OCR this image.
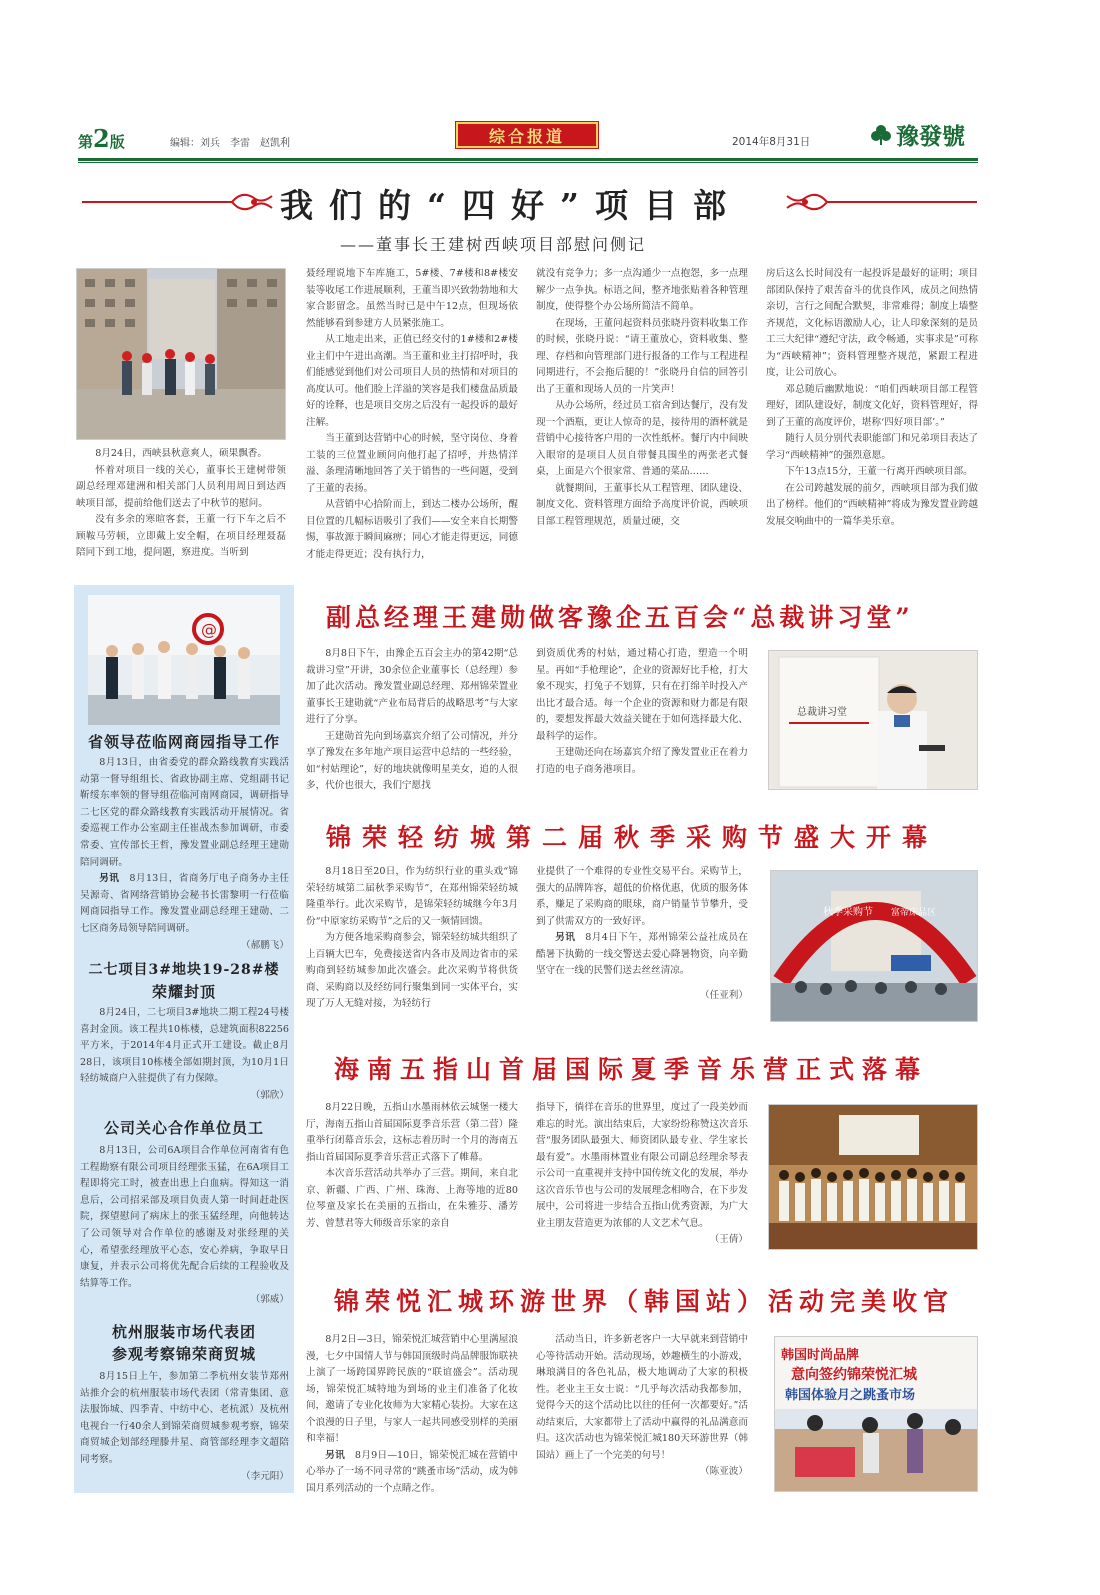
第2版	编辑：刘兵　李雷　赵凯利	综合报道	2014年8月31日	豫發號
我们的“四好”项目部
——董事长王建树西峡项目部慰问侧记

8月24日，西峡县秋意爽人，硕果飘香。

怀着对项目一线的关心，董事长王建树带领副总经理邓建洲和相关部门人员利用周日到达西峡项目部，提前给他们送去了中秋节的慰问。

没有多余的寒暄客套，王董一行下车之后不顾鞍马劳顿，立即戴上安全帽，在项目经理聂磊陪同下到工地，提问题，察进度。当听到

聂经理说地下车库施工，5#楼、7#楼和8#楼安装等收尾工作进展顺利，王董当即兴致勃勃地和大家合影留念。虽然当时已是中午12点，但现场依然能够看到参建方人员紧张施工。

从工地走出来，正值已经交付的1#楼和2#楼业主们中午进出高潮。当王董和业主打招呼时，我们能感觉到他们对公司项目人员的热情和对项目的高度认可。他们脸上洋溢的笑容是我们楼盘品质最好的诠释，也是项目交房之后没有一起投诉的最好注解。

当王董到达营销中心的时候，坚守岗位、身着工装的三位置业顾问向他打起了招呼，并热情洋溢、条理清晰地回答了关于销售的一些问题，受到了王董的表扬。

从营销中心拾阶而上，到达二楼办公场所，醒目位置的几幅标语吸引了我们——安全来自长期警惕，事故源于瞬间麻痹；同心才能走得更远，同德才能走得更近；没有执行力，

就没有竞争力；多一点沟通少一点抱怨，多一点理解少一点争执。标语之间，整齐地张贴着各种管理制度，使得整个办公场所简洁不简单。

在现场，王董问起资料员张晓丹资料收集工作的时候，张晓丹说：“请王董放心，资料收集、整理、存档和向管理部门进行报备的工作与工程进程同期进行，不会拖后腿的！”张晓丹自信的回答引出了王董和现场人员的一片笑声！

从办公场所，经过员工宿舍到达餐厅，没有发现一个酒瓶，更让人惊奇的是，接待用的酒杯就是营销中心接待客户用的一次性纸杯。餐厅内中间映入眼帘的是项目人员自带餐具围坐的两张老式餐桌，上面是六个很家常、普通的菜品……

就餐期间，王董事长从工程管理、团队建设、制度文化、资料管理方面给予高度评价说，西峡项目部工程管理规范，质量过硬，交

房后这么长时间没有一起投诉是最好的证明；项目部团队保持了艰苦奋斗的优良作风，成员之间热情亲切，言行之间配合默契，非常难得；制度上墙整齐规范，文化标语激励人心，让人印象深刻的是员工三大纪律“遵纪守法，政令畅通，实事求是”可称为“西峡精神”；资料管理整齐规范，紧跟工程进度，让公司放心。

邓总随后幽默地说：“咱们西峡项目部工程管理好，团队建设好，制度文化好，资料管理好，得到了王董的高度评价，堪称‘四好项目部’。”

随行人员分别代表职能部门和兄弟项目表达了学习“西峡精神”的强烈意愿。

下午13点15分，王董一行离开西峡项目部。

在公司跨越发展的前夕，西峡项目部为我们做出了榜样。他们的“西峡精神”将成为豫发置业跨越发展交响曲中的一篇华美乐章。

@
省领导莅临网商园指导工作

8月13日，由省委党的群众路线教育实践活动第一督导组组长、省政协副主席、党组副书记靳绥东率领的督导组莅临河南网商园，调研指导二七区党的群众路线教育实践活动开展情况。省委巡视工作办公室副主任崔战杰参加调研，市委常委、宣传部长王哲，豫发置业副总经理王建勋陪同调研。

另讯　 8月13日，省商务厅电子商务办主任吴源奇、省网络营销协会秘书长雷黎明一行莅临网商园指导工作。豫发置业副总经理王建勋、二七区商务局领导陪同调研。

（郝鹏飞）
二七项目3#地块19-28#楼
荣耀封顶

8月24日，二七项目3#地块二期工程24号楼喜封金顶。该工程共10栋楼，总建筑面积82256平方米，于2014年4月正式开工建设。截止8月28日，该项目10栋楼全部如期封顶，为10月1日轻纺城商户入驻提供了有力保障。

（郭欣）
公司关心合作单位员工

8月13日，公司6A项目合作单位河南省有色工程勘察有限公司项目经理张玉猛，在6A项目工程即将完工时，被查出患上白血病。得知这一消息后，公司招采部及项目负责人第一时间赶赴医院，探望慰问了病床上的张玉猛经理，向他转达了公司领导对合作单位的感谢及对张经理的关心，希望张经理放平心态，安心养病，争取早日康复，并表示公司将优先配合后续的工程验收及结算等工作。

（郭威）
杭州服装市场代表团
参观考察锦荣商贸城

8月15日上午，参加第二季杭州女装节郑州站推介会的杭州服装市场代表团（常青集团、意法服饰城、四季青、中纺中心、老杭派）及杭州电视台一行40余人到锦荣商贸城参观考察，锦荣商贸城企划部经理滕井星、商管部经理李文超陪同考察。

（李元阳）
副总经理王建勋做客豫企五百会“总裁讲习堂”

8月8日下午，由豫企五百会主办的第42期“总裁讲习堂”开讲，30余位企业董事长（总经理）参加了此次活动。豫发置业副总经理、郑州锦荣置业董事长王建勋就“产业布局背后的战略思考”与大家进行了分享。

王建勋首先向到场嘉宾介绍了公司情况，并分享了豫发在多年地产项目运营中总结的一些经验，如“村姑理论”，好的地块就像明星美女，追的人很多，代价也很大，我们宁愿找

到资质优秀的村姑，通过精心打造，塑造一个明星。再如“手枪理论”，企业的资源好比手枪，打大象不现实，打兔子不划算，只有在打绵羊时投入产出比才最合适。每一个企业的资源和财力都是有限的，要想发挥最大效益关键在于如何选择最大化、最科学的运作。

王建勋还向在场嘉宾介绍了豫发置业正在着力打造的电子商务港项目。

总裁讲习堂
锦荣轻纺城第二届秋季采购节盛大开幕

8月18日至20日，作为纺织行业的重头戏“锦荣轻纺城第二届秋季采购节”，在郑州锦荣轻纺城隆重举行。此次采购节，是锦荣轻纺城继今年3月份“中原家纺采购节”之后的又一频情回馈。

为方便各地采购商参会，锦荣轻纺城共组织了上百辆大巴车，免费接送省内各市及周边省市的采购商到轻纺城参加此次盛会。此次采购节将供货商、采购商以及经纺同行聚集到同一实体平台，实现了万人无缝对接，为轻纺行

业提供了一个难得的专业性交易平台。采购节上，强大的品牌阵容，超低的价格优惠，优质的服务体系，赚足了采购商的眼球，商户销量节节攀升，受到了供需双方的一致好评。

另讯　 8月4日下午，郑州锦荣公益社成员在酷暑下执勤的一线交警送去爱心降暑物资，向辛勤坚守在一线的民警们送去丝丝清凉。

（任亚利）
秋季采购节 富帝床品区
海南五指山首届国际夏季音乐营正式落幕

8月22日晚，五指山水墨雨林依云城堡一楼大厅，海南五指山首届国际夏季音乐营（第二营）隆重举行闭幕音乐会，这标志着历时一个月的海南五指山首届国际夏季音乐营正式落下了帷幕。

本次音乐营活动共举办了三营。期间，来自北京、新疆、广西、广州、珠海、上海等地的近80位琴童及家长在美丽的五指山，在朱雅芬、潘芳芳、曾慧君等大师级音乐家的亲自

指导下，徜徉在音乐的世界里，度过了一段美妙而难忘的时光。演出结束后，大家纷纷称赞这次音乐营“服务团队最强大、师资团队最专业、学生家长最有爱”。水墨雨林置业有限公司副总经理余琴表示公司一直重视并支持中国传统文化的发展，举办这次音乐节也与公司的发展理念相吻合，在下步发展中，公司将进一步结合五指山优秀资源，为广大业主朋友营造更为浓郁的人文艺术气息。

（王倩）
锦荣悦汇城环游世界（韩国站）活动完美收官

8月2日—3日，锦荣悦汇城营销中心里满屋浪漫，七夕中国情人节与韩国顶级时尚品牌服饰联袂上演了一场跨国界跨民族的“联谊盛会”。活动现场，锦荣悦汇城特地为到场的业主们准备了化妆间，邀请了专业化妆师为大家精心装扮。大家在这个浪漫的日子里，与家人一起共同感受别样的美丽和幸福！

另讯　 8月9日—10日，锦荣悦汇城在营销中心举办了一场不同寻常的“跳蚤市场”活动，成为韩国月系列活动的一个点睛之作。

活动当日，许多新老客户一大早就来到营销中心等待活动开始。活动现场，妙趣横生的小游戏，琳琅满目的各色礼品，极大地调动了大家的积极性。老业主王女士说：“几乎每次活动我都参加，觉得今天的这个活动比以往的任何一次都要好。”活动结束后，大家都带上了活动中赢得的礼品满意而归。这次活动也为锦荣悦汇城180天环游世界（韩国站）画上了一个完美的句号！

（陈亚波）
韩国时尚品牌
意向签约锦荣悦汇城
韩国体验月之跳蚤市场
